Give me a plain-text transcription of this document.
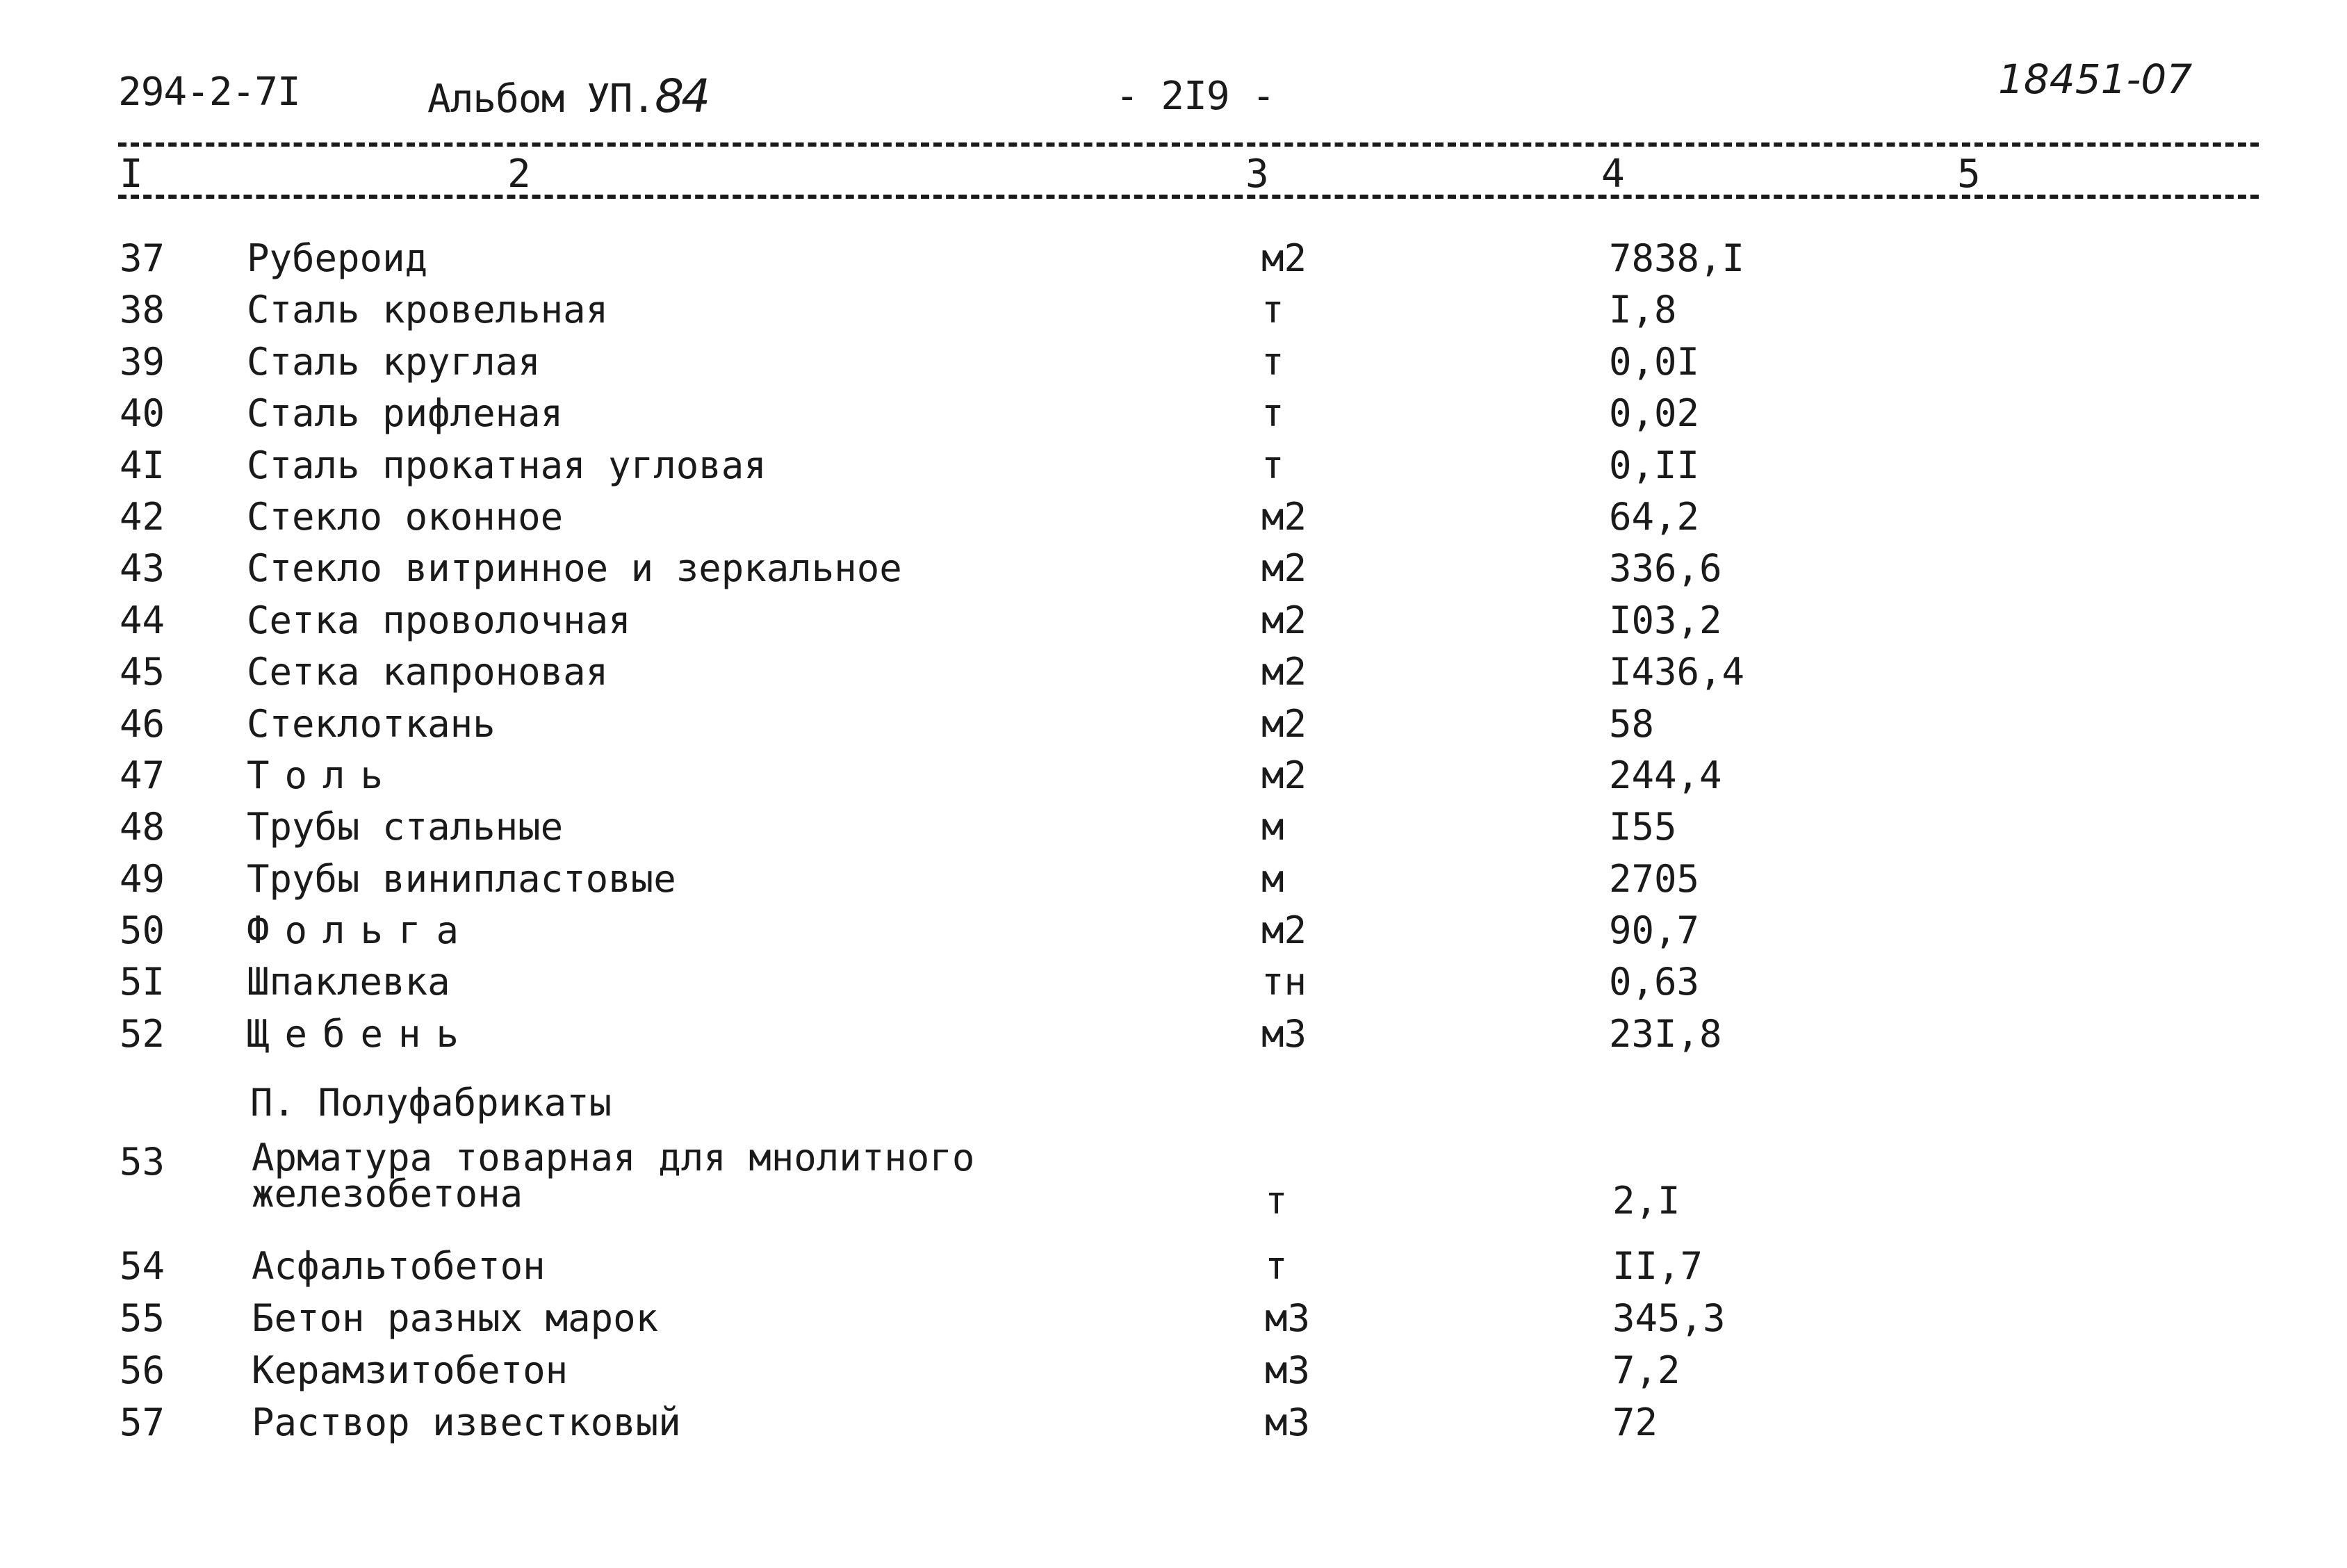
294-2-7I	Альбом УП.84	- 2I9 -	18451-07
I	2	3	4	5
37 Рубероид	м2	7838,I
38 Сталь кровельная	т	I,8
39 Сталь круглая	т	0,0I
40 Сталь рифленая	т	0,02
4I Сталь прокатная угловая	т	0,II
42 Стекло оконное	м2	64,2
43 Стекло витринное и зеркальное	м2	336,6
44 Сетка проволочная	м2	I03,2
45 Сетка капроновая	м2	I436,4
46 Стеклоткань	м2	58
47 Толь	м2	244,4
48 Трубы стальные	м	I55
49 Трубы винипластовые	м	2705
50 Фольга	м2	90,7
5I Шпаклевка	тн	0,63
52 Щебень	м3	23I,8
П. Полуфабрикаты
53 Арматура товарная для мнолитного
железобетона	т	2,I
54 Асфальтобетон	т	II,7
55 Бетон разных марок	м3	345,3
56 Керамзитобетон	м3	7,2
57 Раствор известковый	м3	72
